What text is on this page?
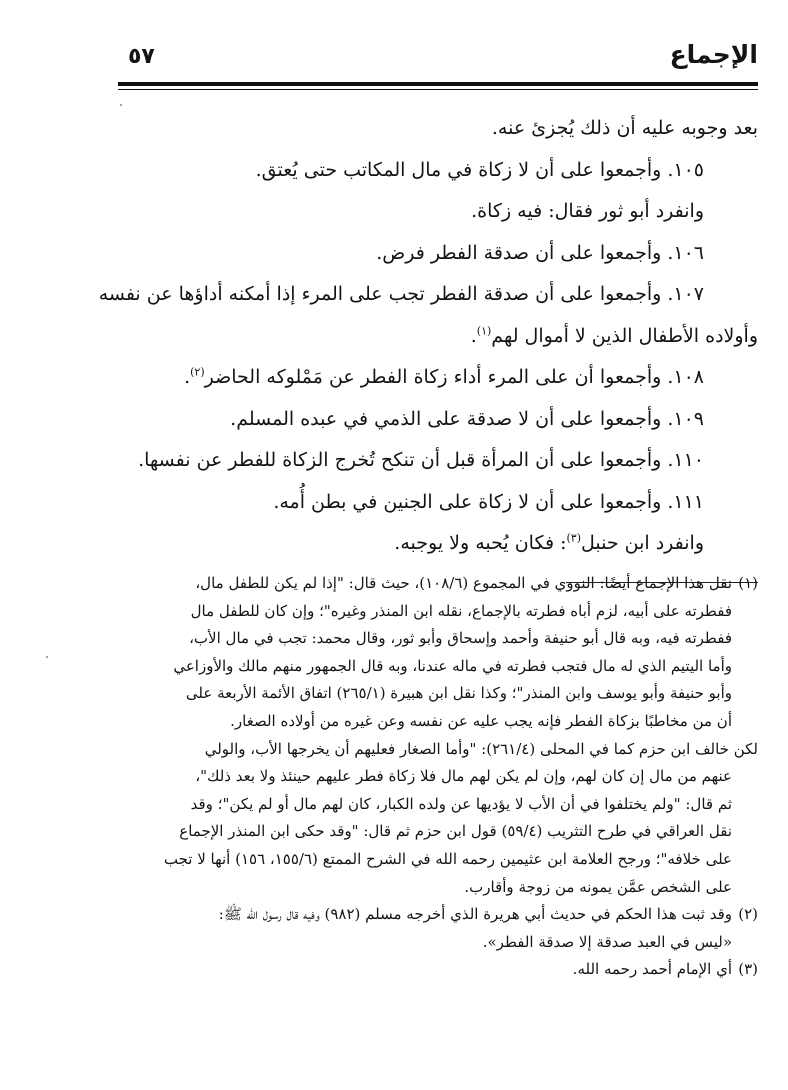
الإجماع
٥٧
بعد وجوبه عليه أن ذلك يُجزئ عنه.
١٠٥. وأجمعوا على أن لا زكاة في مال المكاتب حتى يُعتق.
وانفرد أبو ثور فقال: فيه زكاة.
١٠٦. وأجمعوا على أن صدقة الفطر فرض.
١٠٧. وأجمعوا على أن صدقة الفطر تجب على المرء إذا أمكنه أداؤها عن نفسه
وأولاده الأطفال الذين لا أموال لهم$^{(١)}$.
١٠٨. وأجمعوا أن على المرء أداء زكاة الفطر عن مَمْلوكه الحاضر$^{(٢)}$.
١٠٩. وأجمعوا على أن لا صدقة على الذمي في عبده المسلم.
١١٠. وأجمعوا على أن المرأة قبل أن تنكح تُخرج الزكاة للفطر عن نفسها.
١١١. وأجمعوا على أن لا زكاة على الجنين في بطن أُمه.
وانفرد ابن حنبل$^{(٣)}$: فكان يُحبه ولا يوجبه.
(١)نقل هذا الإجماع أيضًا: النووي في المجموع (١٠٨/٦)، حيث قال: "إذا لم يكن للطفل مال،
ففطرته على أبيه، لزم أباه فطرته بالإجماع، نقله ابن المنذر وغيره"؛ وإن كان للطفل مال
ففطرته فيه، وبه قال أبو حنيفة وأحمد وإسحاق وأبو ثور، وقال محمد: تجب في مال الأب،
وأما اليتيم الذي له مال فتجب فطرته في ماله عندنا، وبه قال الجمهور منهم مالك والأوزاعي
وأبو حنيفة وأبو يوسف وابن المنذر"؛ وكذا نقل ابن هبيرة (٢٦٥/١) اتفاق الأئمة الأربعة على
أن من مخاطبًا بزكاة الفطر فإنه يجب عليه عن نفسه وعن غيره من أولاده الصغار.
لكن خالف ابن حزم كما في المحلى (٢٦١/٤): "وأما الصغار فعليهم أن يخرجها الأب، والولي
عنهم من مال إن كان لهم، وإن لم يكن لهم مال فلا زكاة فطر عليهم حينئذ ولا بعد ذلك"،
ثم قال: "ولم يختلفوا في أن الأب لا يؤديها عن ولده الكبار، كان لهم مال أو لم يكن"؛ وقد
نقل العراقي في طرح التثريب (٥٩/٤) قول ابن حزم ثم قال: "وقد حكى ابن المنذر الإجماع
على خلافه"؛ ورجح العلامة ابن عثيمين رحمه الله في الشرح الممتع (١٥٥/٦، ١٥٦) أنها لا تجب
على الشخص عمَّن يمونه من زوجة وأقارب.
(٢)وقد ثبت هذا الحكم في حديث أبي هريرة الذي أخرجه مسلم (٩٨٢) وفيه قال رسول الله ﷺ:
«ليس في العبد صدقة إلا صدقة الفطر».
(٣)أي الإمام أحمد رحمه الله.
